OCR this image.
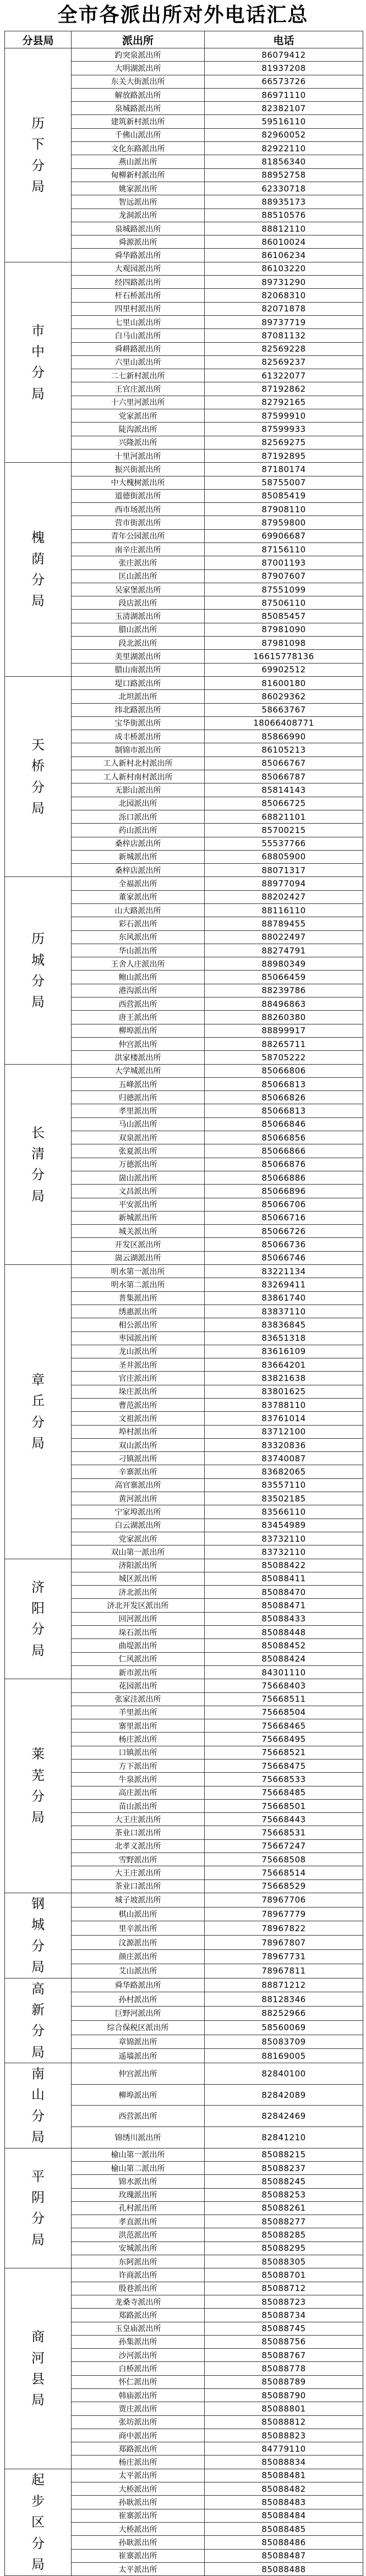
全市各派出所对外电话汇总
分县局	派出所	电话
历下分局	趵突泉派出所	86079412
	大明湖派出所	81937208
	东关大街派出所	66573726
	解放路派出所	86971110
	泉城路派出所	82382107
	建筑新村派出所	59516110
	千佛山派出所	82960052
	文化东路派出所	82922110
	燕山派出所	81856340
	甸柳新村派出所	88952758
	姚家派出所	62330718
	智远派出所	88935173
	龙洞派出所	88510576
	泉城路派出所	88812110
	舜源派出所	86010024
	舜华路派出所	86106234
市中分局	大观园派出所	86103220
	经四路派出所	89731290
	杆石桥派出所	82068310
	四里村派出所	82071878
	七里山派出所	89737719
	白马山派出所	87081132
	舜耕路派出所	82569228
	六里山派出所	82569237
	二七新村派出所	61322077
	王官庄派出所	87192862
	十六里河派出所	82792165
	党家派出所	87599910
	陡沟派出所	87599933
	兴隆派出所	82569275
	十里河派出所	87192895
槐荫分局	振兴街派出所	87180174
	中大槐树派出所	58755007
	道德街派出所	85085419
	西市场派出所	87908110
	营市街派出所	87959800
	青年公园派出所	69906687
	南辛庄派出所	87156110
	张庄派出所	87001193
	匡山派出所	87907607
	吴家堡派出所	87551099
	段店派出所	87506110
	玉清湖派出所	85085457
	腊山派出所	87981090
	段北派出所	87981098
	美里湖派出所	16615778136
	腊山南派出所	69902512
天桥分局	堤口路派出所	81600180
	北坦派出所	86029362
	纬北路派出所	58663767
	宝华街派出所	18066408771
	成丰桥派出所	85866990
	制锦市派出所	86105213
	工人新村北村派出所	85066767
	工人新村南村派出所	85066787
	无影山派出所	85814143
	北园派出所	85066725
	泺口派出所	68821101
	药山派出所	85700215
	桑梓店派出所	55537766
	新城派出所	68805900
	桑梓店派出所	88071317
历城分局	全福派出所	88977094
	董家派出所	88202427
	山大路派出所	88116110
	彩石派出所	88789455
	东风派出所	88022497
	华山派出所	88274791
	王舍人庄派出所	88980349
	鲍山派出所	85066459
	港沟派出所	88239786
	西营派出所	88496863
	唐王派出所	88260380
	柳埠派出所	88899917
	仲宫派出所	88265711
	洪家楼派出所	58705222
长清分局	大学城派出所	85066806
	五峰派出所	85066813
	归德派出所	85066826
	孝里派出所	85066813
	马山派出所	85066846
	双泉派出所	85066856
	张夏派出所	85066866
	万德派出所	85066876
	崮山派出所	85066886
	文昌派出所	85066896
	平安派出所	85066706
	新城派出所	85066716
	城关派出所	85066726
	开发区派出所	85066736
	崮云湖派出所	85066746
章丘分局	明水第一派出所	83221134
	明水第二派出所	83269411
	普集派出所	83861740
	绣惠派出所	83837110
	相公派出所	83836845
	枣园派出所	83651318
	龙山派出所	83616109
	圣井派出所	83664201
	官庄派出所	83821638
	垛庄派出所	83801625
	曹范派出所	83788110
	文祖派出所	83761014
	埠村派出所	83712100
	双山派出所	83320836
	刁镇派出所	83740087
	辛寨派出所	83682065
	高官寨派出所	83557110
	黄河派出所	83502185
	宁家埠派出所	83566110
	白云湖派出所	83454989
	党家派出所	83732110
	双山第一派出所	83732110
济阳分局	济阳派出所	85088422
	城区派出所	85088411
	济北派出所	85088470
	济北开发区派出所	85088471
	回河派出所	85088433
	垛石派出所	85088448
	曲堤派出所	85088452
	仁风派出所	85088424
	新市派出所	84301110
莱芜分局	花园派出所	75668403
	张家洼派出所	75668511
	羊里派出所	75668504
	寨里派出所	75668465
	杨庄派出所	75668495
	口镇派出所	75668521
	方下派出所	75668475
	牛泉派出所	75668533
	高庄派出所	75668485
	苗山派出所	75668501
	大王庄派出所	75668443
	茶业口派出所	75668531
	北孝义派出所	75667247
	雪野派出所	75668508
	大王庄派出所	75668514
	茶业口派出所	75668529
钢城分局	城子坡派出所	78967706
	棋山派出所	78967779
	里辛派出所	78967822
	汶源派出所	78967807
	颜庄派出所	78967731
	艾山派出所	78967811
高新分局	舜华路派出所	88871212
	孙村派出所	88128346
	巨野河派出所	88252966
	综合保税区派出所	58560069
	章锦派出所	85083709
	遥墙派出所	88169005
南山分局	仲宫派出所	82840100
	柳埠派出所	82842089
	西营派出所	82842469
	锦绣川派出所	82841210
平阴分局	榆山第一派出所	85088215
	榆山第二派出所	85088237
	锦水派出所	85088245
	玫瑰派出所	85088253
	孔村派出所	85088261
	孝直派出所	85088277
	洪范派出所	85088285
	安城派出所	85088295
	东阿派出所	85088305
商河县局	许商派出所	85088701
	殷巷派出所	85088712
	龙桑寺派出所	85088723
	郑路派出所	85088734
	玉皇庙派出所	85088745
	孙集派出所	85088756
	沙河派出所	85088767
	白桥派出所	85088778
	怀仁派出所	85088789
	韩庙派出所	85088790
	贾庄派出所	85088801
	张坊派出所	85088812
	商中派出所	85088823
	郑路派出所	84779110
	杨庄派出所	85088834
起步区分局	太平派出所	85088481
	大桥派出所	85088482
	孙耿派出所	85088483
	崔寨派出所	85088484
	大桥派出所	85088485
	孙耿派出所	85088486
	崔寨派出所	85088487
	太平派出所	85088488
